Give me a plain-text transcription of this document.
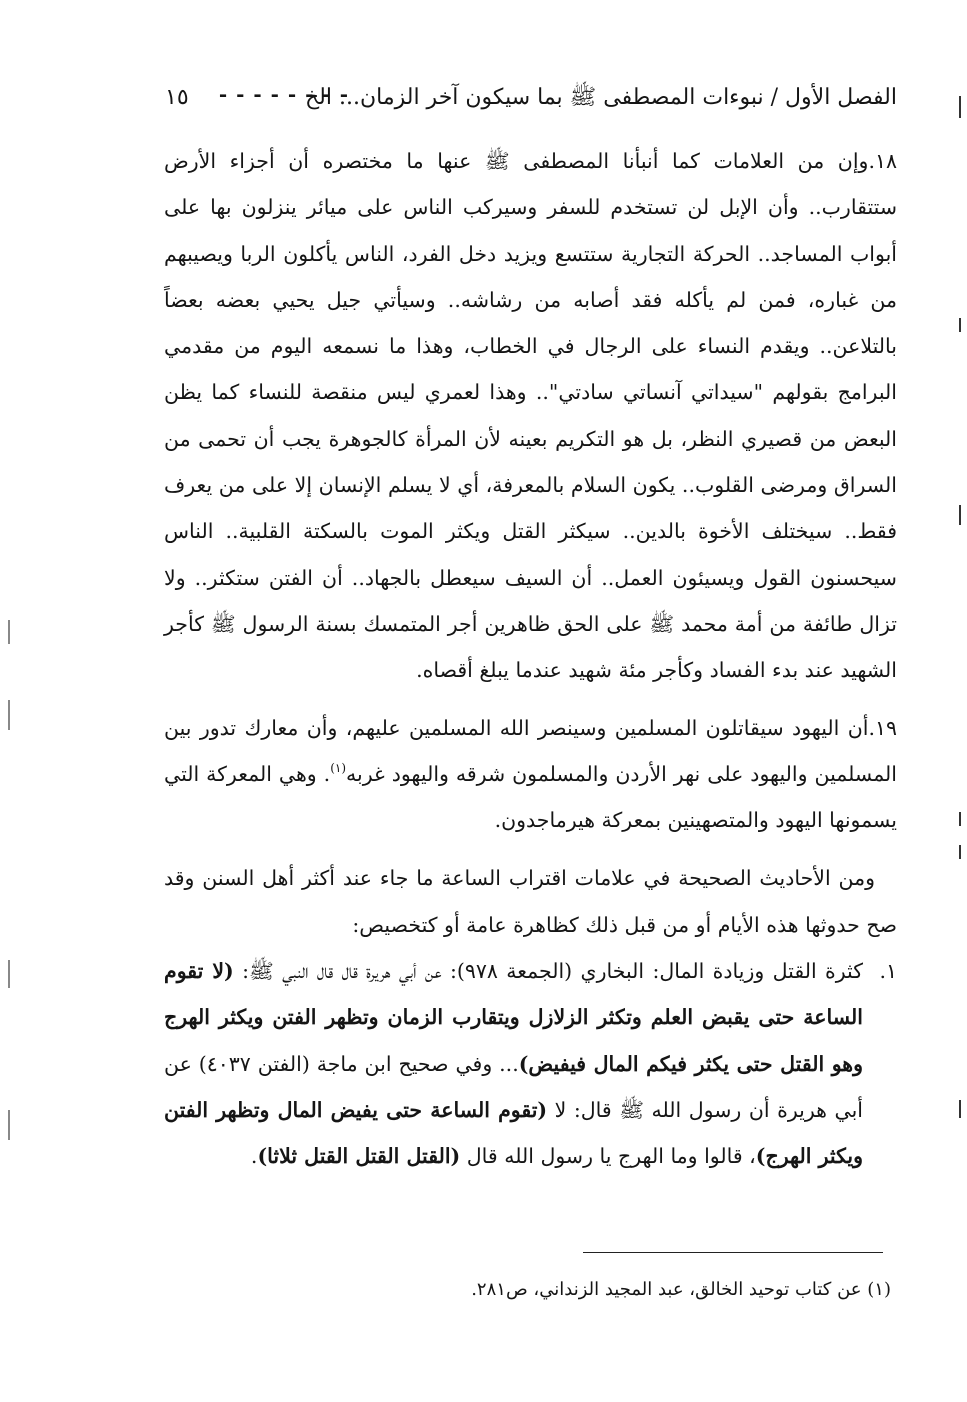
الفصل الأول / نبوءات المصطفى ﷺ بما سيكون آخر الزمان... الخ
- - - - - - - -
١٥

١٨.وإن من العلامات كما أنبأنا المصطفى ﷺ عنها ما مختصره أن أجزاء الأرض ستتقارب.. وأن الإبل لن تستخدم للسفر وسيركب الناس على ميائر ينزلون بها على أبواب المساجد.. الحركة التجارية ستتسع ويزيد دخل الفرد، الناس يأكلون الربا ويصيبهم من غباره، فمن لم يأكله فقد أصابه من رشاشه.. وسيأتي جيل يحيي بعضه بعضاً بالتلاعن.. ويقدم النساء على الرجال في الخطاب، وهذا ما نسمعه اليوم من مقدمي البرامج بقولهم "سيداتي آنساتي سادتي".. وهذا لعمري ليس منقصة للنساء كما يظن البعض من قصيري النظر، بل هو التكريم بعينه لأن المرأة كالجوهرة يجب أن تحمى من السراق ومرضى القلوب.. يكون السلام بالمعرفة، أي لا يسلم الإنسان إلا على من يعرف فقط.. سيختلف الأخوة بالدين.. سيكثر القتل ويكثر الموت بالسكتة القلبية.. الناس سيحسنون القول ويسيئون العمل.. أن السيف سيعطل بالجهاد.. أن الفتن ستكثر.. ولا تزال طائفة من أمة محمد ﷺ على الحق ظاهرين أجر المتمسك بسنة الرسول ﷺ كأجر الشهيد عند بدء الفساد وكأجر مئة شهيد عندما يبلغ أقصاه.

١٩.أن اليهود سيقاتلون المسلمين وسينصر الله المسلمين عليهم، وأن معارك تدور بين المسلمين واليهود على نهر الأردن والمسلمون شرقه واليهود غربه$^{(١)}$. وهي المعركة التي يسمونها اليهود والمتصهينين بمعركة هيرماجدون.

ومن الأحاديث الصحيحة في علامات اقتراب الساعة ما جاء عند أكثر أهل السنن وقد صح حدوثها هذه الأيام أو من قبل ذلك كظاهرة عامة أو كتخصيص:

١.
كثرة القتل وزيادة المال: البخاري (الجمعة ٩٧٨): عن أبي هريرة قال قال النبي ﷺ: (لا تقوم الساعة حتى يقبض العلم وتكثر الزلازل ويتقارب الزمان وتظهر الفتن ويكثر الهرج وهو القتل حتى يكثر فيكم المال فيفيض)... وفي صحيح ابن ماجة (الفتن ٤٠٣٧) عن أبي هريرة أن رسول الله ﷺ قال: لا (تقوم الساعة حتى يفيض المال وتظهر الفتن ويكثر الهرج)، قالوا وما الهرج يا رسول الله قال (القتل القتل القتل ثلاثا).

(١) عن كتاب توحيد الخالق، عبد المجيد الزنداني، ص٢٨١.
